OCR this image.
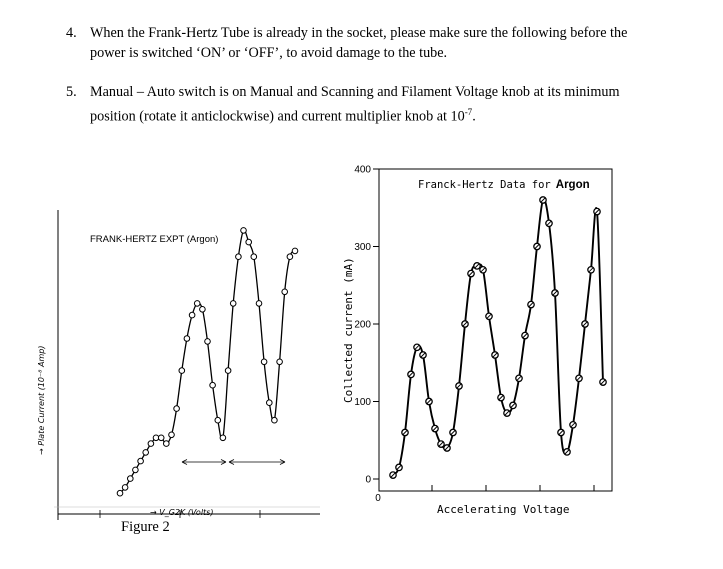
4. When the Frank-Hertz Tube is already in the socket, please make sure the following before the
power is switched ‘ON’ or ‘OFF’, to avoid damage to the tube.
5. Manual – Auto switch is on Manual and Scanning and Filament Voltage knob at its minimum
position (rotate it anticlockwise) and current multiplier knob at $10^{-7}$.
FRANK-HERTZ EXPT (Argon)
→ Plate Current (10⁻⁸ Amp)
→ V_G2K (Volts)
0
100
200
300
400
0
Collected current (mA)
Accelerating Voltage
Franck-Hertz Data for Argon
Figure 2
